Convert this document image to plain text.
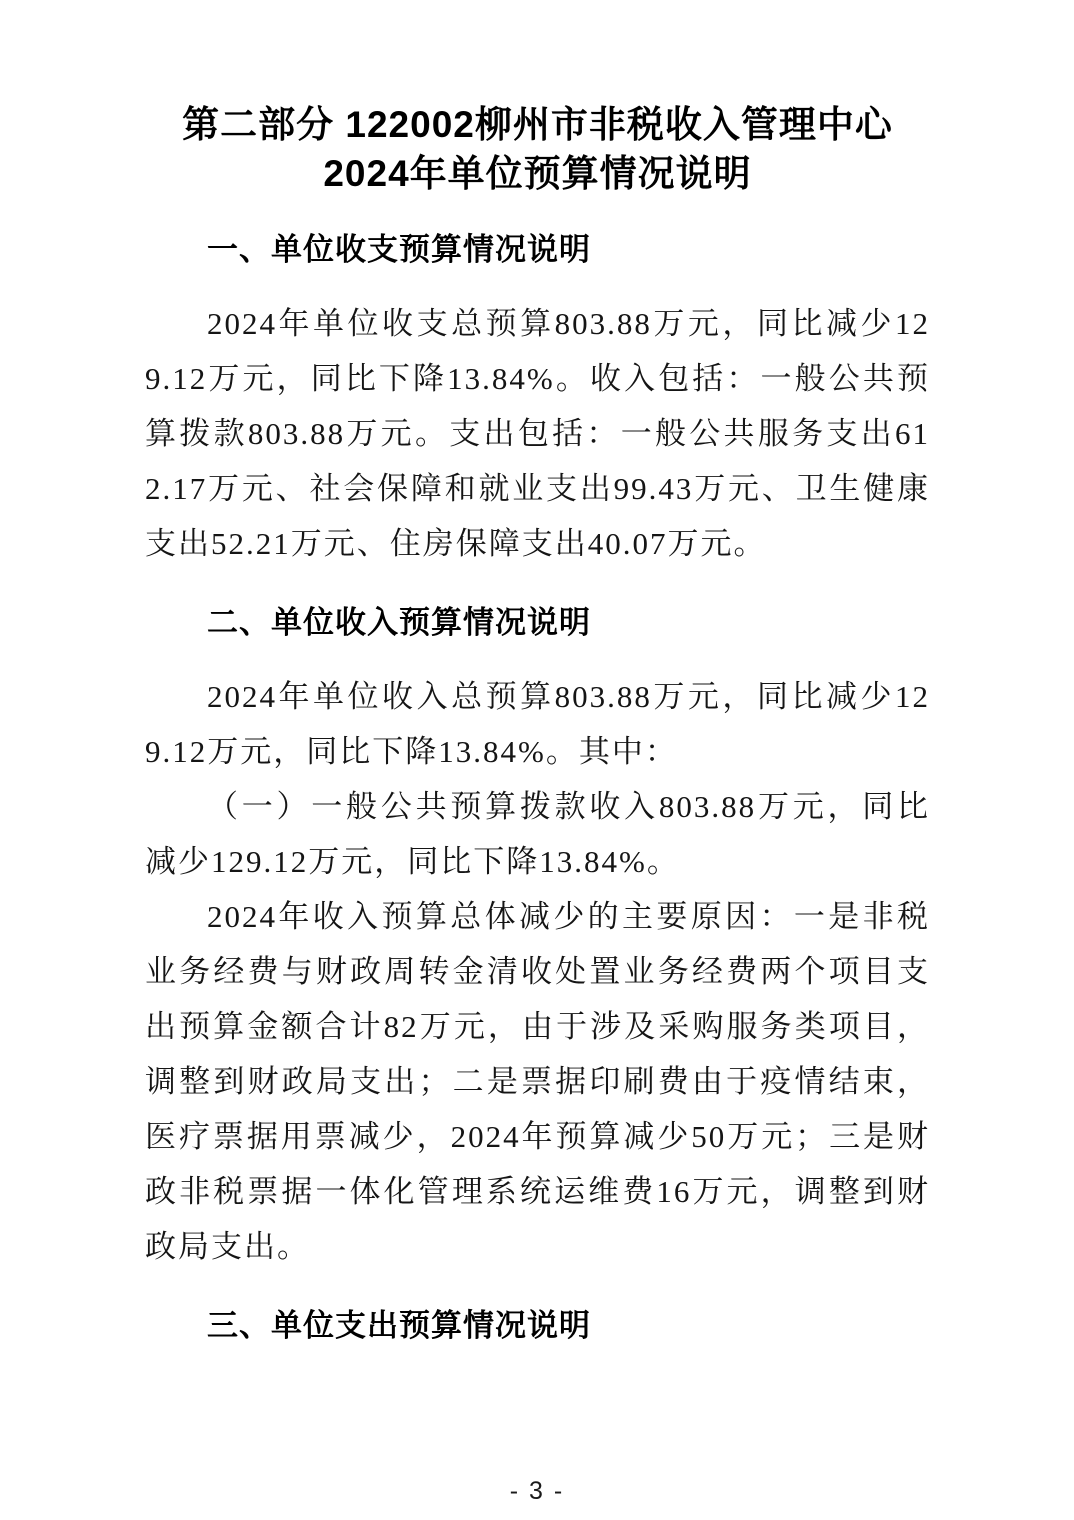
第二部分 122002柳州市非税收入管理中心
2024年单位预算情况说明
一、单位收支预算情况说明

2024年单位收支总预算803.88万元，同比减少129.12万元，同比下降13.84%。收入包括：一般公共预算拨款803.88万元。支出包括：一般公共服务支出612.17万元、社会保障和就业支出99.43万元、卫生健康支出52.21万元、住房保障支出40.07万元。

二、单位收入预算情况说明

2024年单位收入总预算803.88万元，同比减少129.12万元，同比下降13.84%。其中：

（一）一般公共预算拨款收入803.88万元，同比减少129.12万元，同比下降13.84%。

2024年收入预算总体减少的主要原因：一是非税业务经费与财政周转金清收处置业务经费两个项目支出预算金额合计82万元，由于涉及采购服务类项目，调整到财政局支出；二是票据印刷费由于疫情结束，医疗票据用票减少，2024年预算减少50万元；三是财政非税票据一体化管理系统运维费16万元，调整到财政局支出。

三、单位支出预算情况说明
- 3 -
